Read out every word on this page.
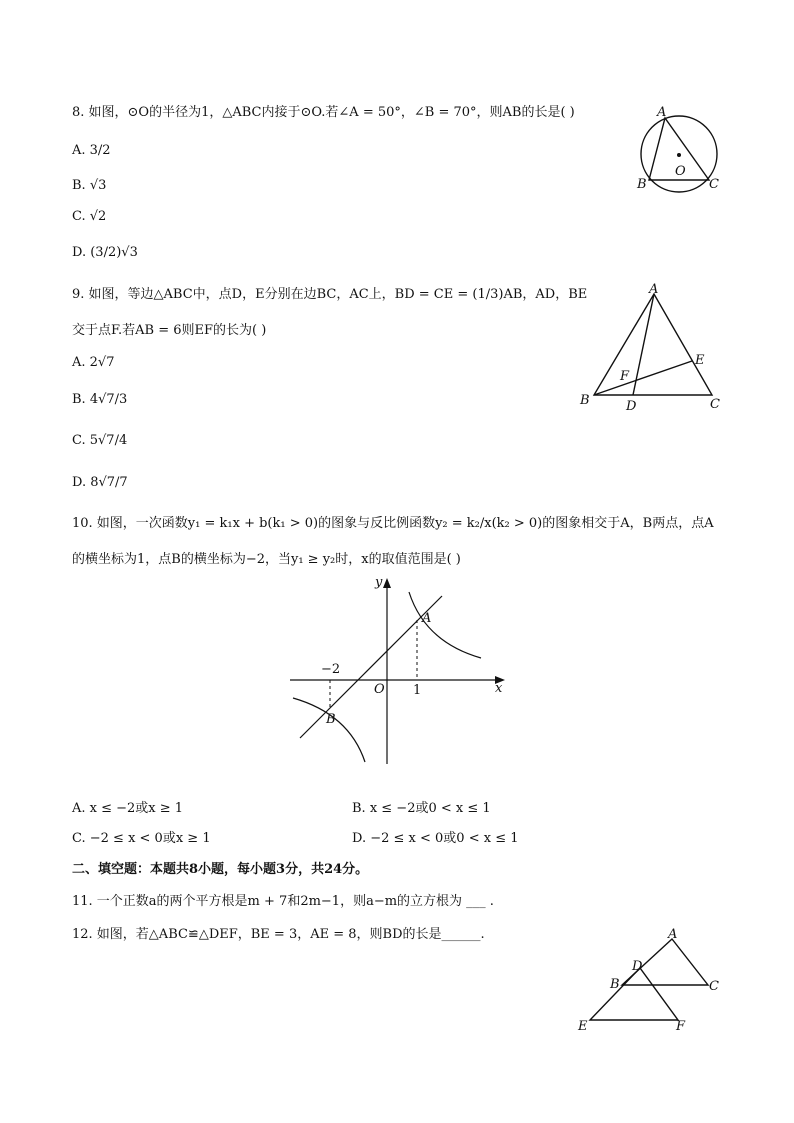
8. 如图，⊙O的半径为1，△ABC内接于⊙O.若∠A = 50°，∠B = 70°，则AB的长是( )
A. 3/2
B. √3
C. √2
D. (3/2)√3
A
B	C
O
9. 如图，等边△ABC中，点D，E分别在边BC，AC上，BD = CE = (1/3)AB，AD，BE
交于点F.若AB = 6则EF的长为( )
A. 2√7
B. 4√7/3
C. 5√7/4
D. 8√7/7
A
B	C
D
E
F
10. 如图，一次函数y₁ = k₁x + b(k₁ > 0)的图象与反比例函数y₂ = k₂/x(k₂ > 0)的图象相交于A，B两点，点A
的横坐标为1，点B的横坐标为−2，当y₁ ≥ y₂时，x的取值范围是( )
y
x
O
A
B
−2
1
A. x ≤ −2或x ≥ 1	B. x ≤ −2或0 < x ≤ 1
C. −2 ≤ x < 0或x ≥ 1	D. −2 ≤ x < 0或0 < x ≤ 1
二、填空题：本题共8小题，每小题3分，共24分。
11. 一个正数a的两个平方根是m + 7和2m−1，则a−m的立方根为 ___ .
12. 如图，若△ABC≌△DEF，BE = 3，AE = 8，则BD的长是______.	A
B	C
D
E	F
